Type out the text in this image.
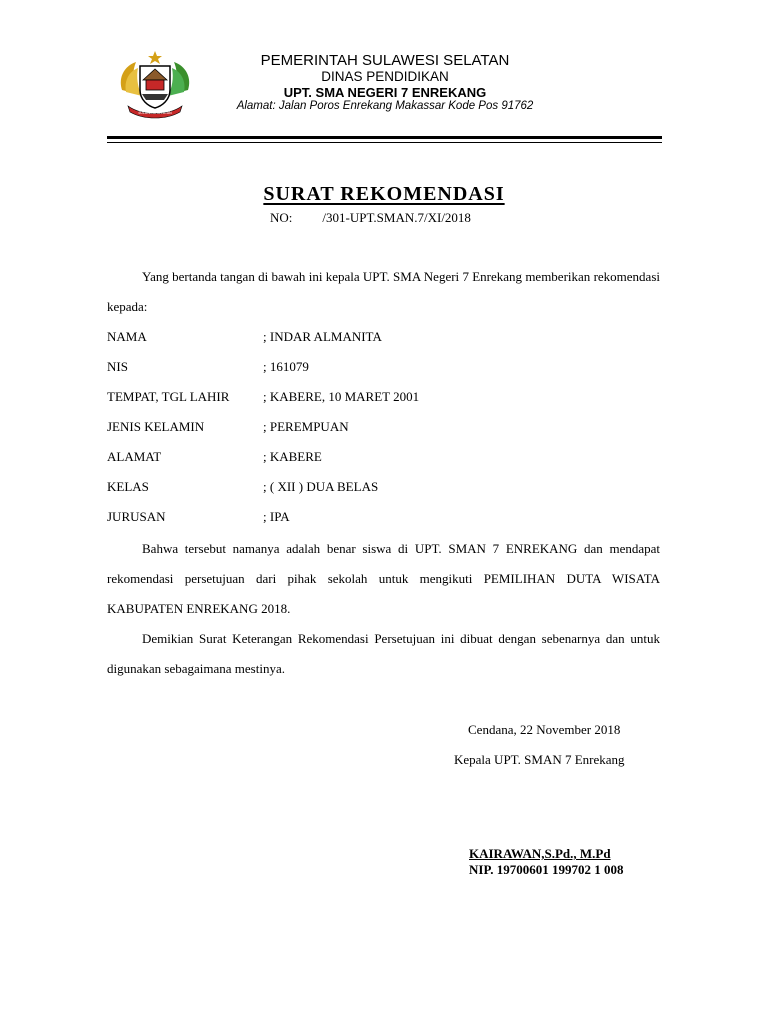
SULAWESI SELATAN

PEMERINTAH SULAWESI SELATAN

DINAS PENDIDIKAN

UPT. SMA NEGERI 7 ENREKANG

Alamat: Jalan Poros Enrekang Makassar Kode Pos 91762

SURAT REKOMENDASI

NO: /301-UPT.SMAN.7/XI/2018

Yang bertanda tangan di bawah ini kepala UPT. SMA Negeri 7 Enrekang memberikan rekomendasi kepada:

NAMA	; INDAR ALMANITA
NIS	; 161079
TEMPAT, TGL LAHIR	; KABERE, 10 MARET 2001
JENIS KELAMIN	; PEREMPUAN
ALAMAT	; KABERE
KELAS	; ( XII ) DUA BELAS
JURUSAN	; IPA

Bahwa tersebut namanya adalah benar siswa di UPT. SMAN 7 ENREKANG dan mendapat rekomendasi persetujuan dari pihak sekolah untuk mengikuti PEMILIHAN DUTA WISATA KABUPATEN ENREKANG 2018.

Demikian Surat Keterangan Rekomendasi Persetujuan ini dibuat dengan sebenarnya dan untuk digunakan sebagaimana mestinya.

Cendana, 22 November 2018
Kepala UPT. SMAN 7 Enrekang
KAIRAWAN,S.Pd., M.Pd
NIP. 19700601 199702 1 008
